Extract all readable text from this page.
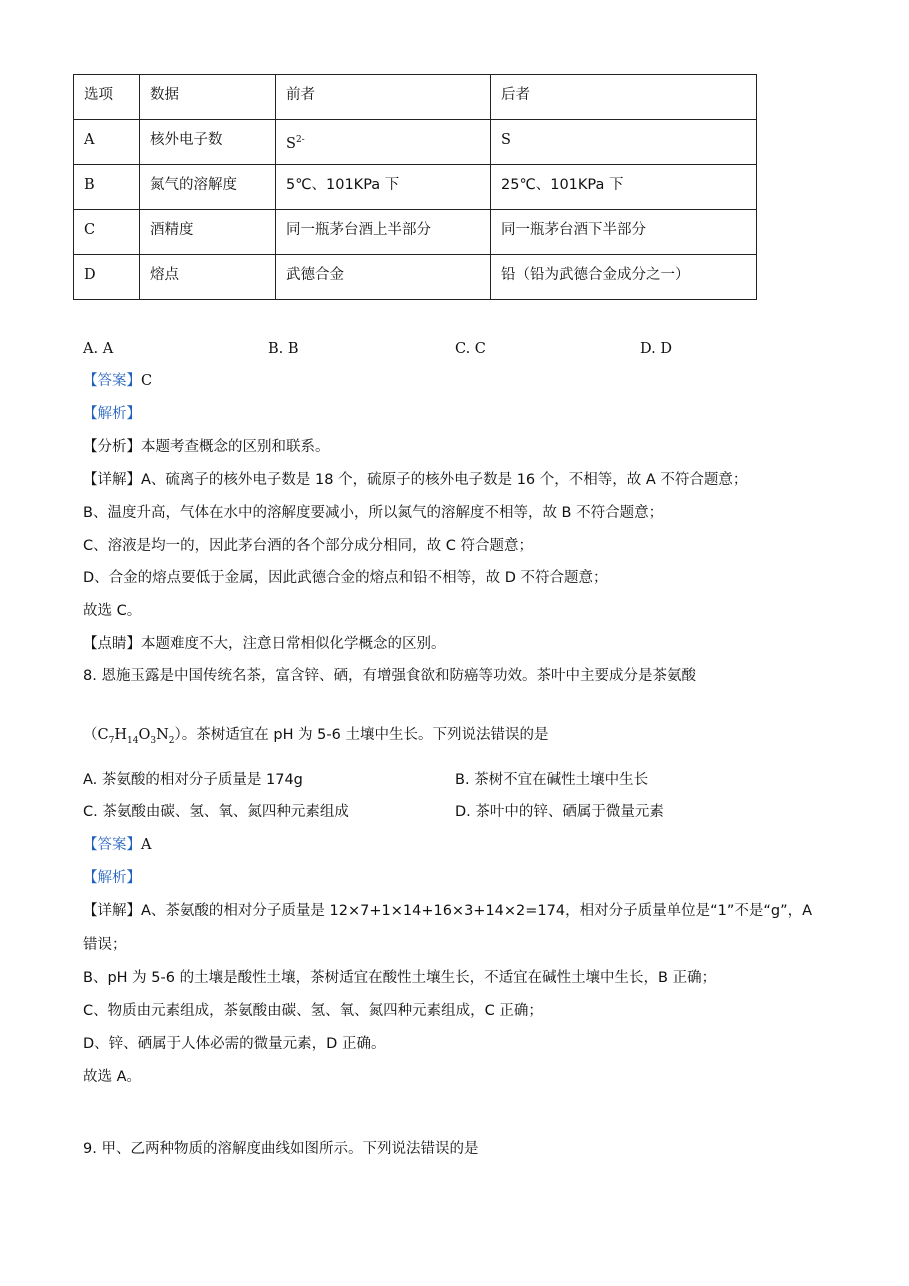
选项	数据	前者	后者
A	核外电子数	$S^{2-}$	S
B	氮气的溶解度	5℃、101KPa 下	25℃、101KPa 下
C	酒精度	同一瓶茅台酒上半部分	同一瓶茅台酒下半部分
D	熔点	武德合金	铅（铅为武德合金成分之一）
A. A	B. B	C. C	D. D
【答案】C
【解析】
【分析】本题考查概念的区别和联系。
【详解】A、硫离子的核外电子数是 18 个，硫原子的核外电子数是 16 个，不相等，故 A 不符合题意；
B、温度升高，气体在水中的溶解度要减小，所以氮气的溶解度不相等，故 B 不符合题意；
C、溶液是均一的，因此茅台酒的各个部分成分相同，故 C 符合题意；
D、合金的熔点要低于金属，因此武德合金的熔点和铅不相等，故 D 不符合题意；
故选 C。
【点睛】本题难度不大，注意日常相似化学概念的区别。
8. 恩施玉露是中国传统名茶，富含锌、硒，有增强食欲和防癌等功效。茶叶中主要成分是茶氨酸
$(C_7H_{14}O_3N_2)$。茶树适宜在 pH 为 5-6 土壤中生长。下列说法错误的是
A. 茶氨酸的相对分子质量是 174g	B. 茶树不宜在碱性土壤中生长
C. 茶氨酸由碳、氢、氧、氮四种元素组成	D. 茶叶中的锌、硒属于微量元素
【答案】A
【解析】
【详解】A、茶氨酸的相对分子质量是 12×7+1×14+16×3+14×2=174，相对分子质量单位是“1”不是“g”，A
错误；
B、pH 为 5-6 的土壤是酸性土壤，茶树适宜在酸性土壤生长，不适宜在碱性土壤中生长，B 正确；
C、物质由元素组成，茶氨酸由碳、氢、氧、氮四种元素组成，C 正确；
D、锌、硒属于人体必需的微量元素，D 正确。
故选 A。
9. 甲、乙两种物质的溶解度曲线如图所示。下列说法错误的是
